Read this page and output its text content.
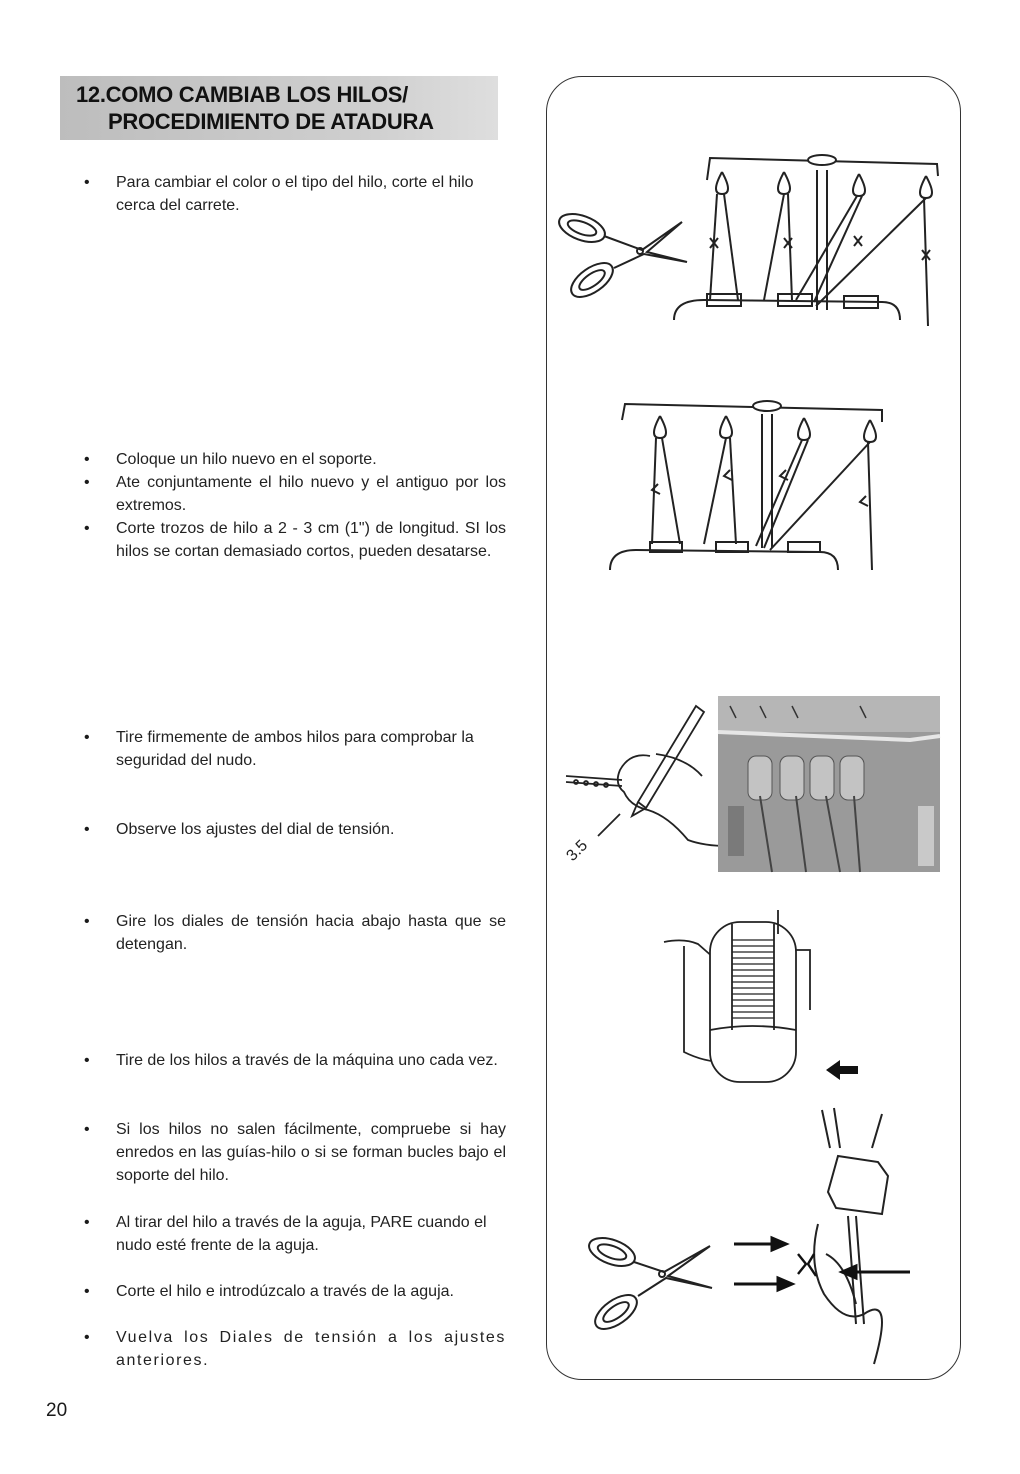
12.COMO CAMBIAB LOS HILOS/
PROCEDIMIENTO DE ATADURA
• Para cambiar el color o el tipo del hilo, corte el hilo cerca del carrete.
• Coloque un hilo nuevo en el soporte.
• Ate conjuntamente el hilo nuevo y el antiguo por los extremos.
• Corte trozos de hilo a 2 - 3 cm (1") de longitud. SI los hilos se cortan demasiado cortos, pueden desatarse.
• Tire firmemente de ambos hilos para comprobar la seguridad del nudo.
• Observe los ajustes del dial de tensión.
• Gire los diales de tensión hacia abajo hasta que se detengan.
• Tire de los hilos a través de la máquina uno cada vez.
• Si los hilos no salen fácilmente, compruebe si hay enredos en las guías-hilo o si se forman bucles bajo el soporte del hilo.
• Al tirar del hilo a través de la aguja, PARE cuando el nudo esté frente de la aguja.
• Corte el hilo e introdúzcalo a través de la aguja.
• Vuelva los Diales de tensión a los ajustes anteriores.
20
3.5
